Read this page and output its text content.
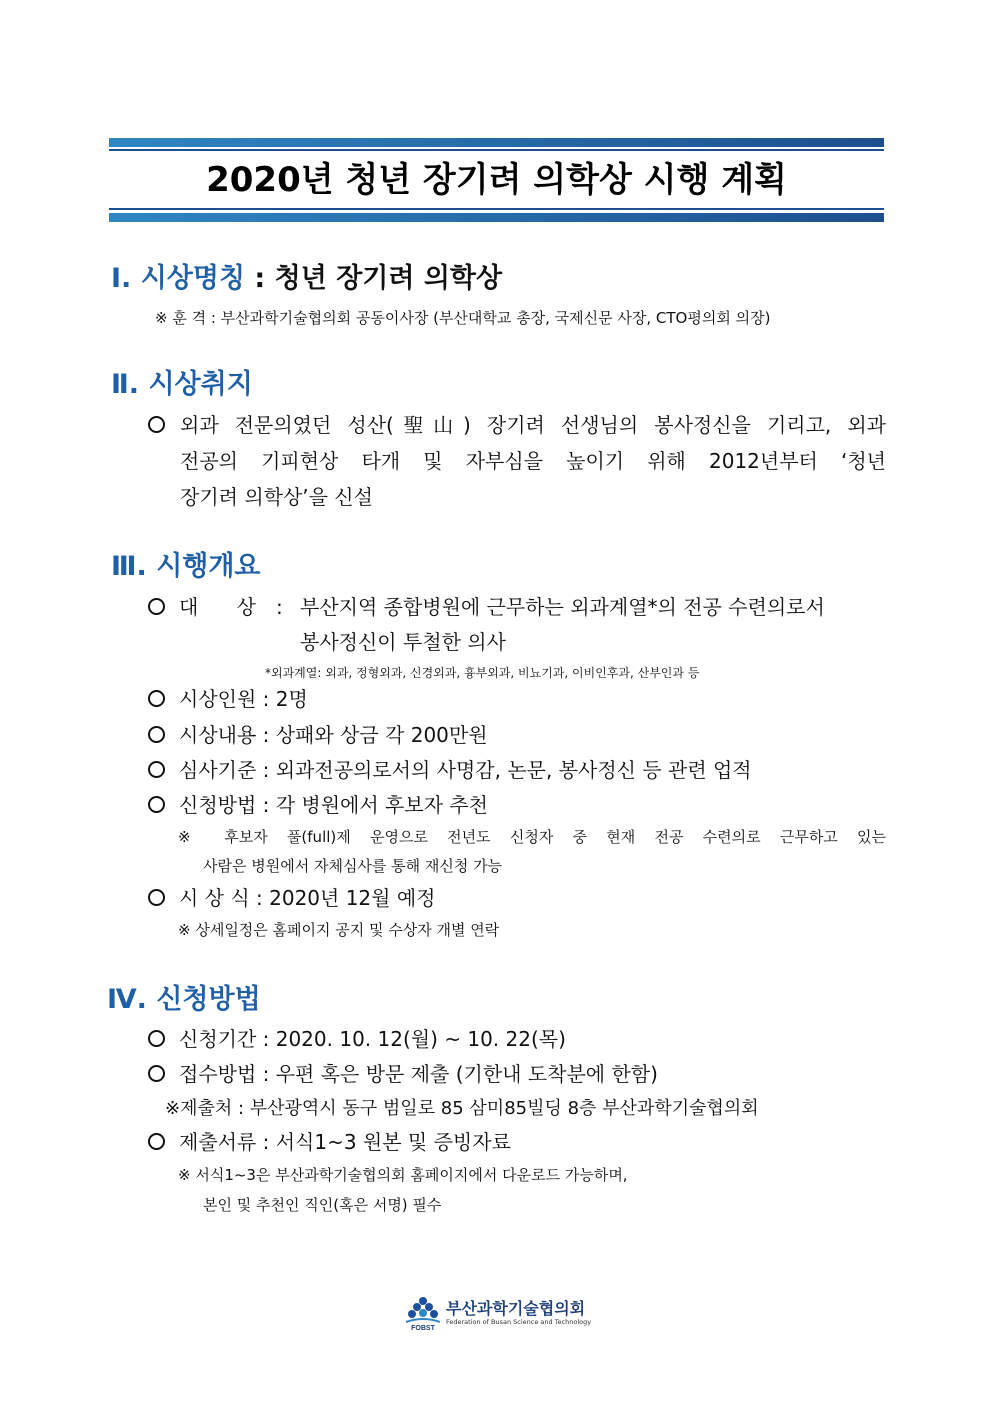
2020년 청년 장기려 의학상 시행 계획
Ⅰ. 시상명칭 : 청년 장기려 의학상
※ 훈 격 : 부산과학기술협의회 공동이사장 (부산대학교 총장, 국제신문 사장, CTO평의회 의장)
Ⅱ. 시상취지
외과 전문의였던 성산(聖山) 장기려 선생님의 봉사정신을 기리고, 외과
전공의 기피현상 타개 및 자부심을 높이기 위해 2012년부터 ‘청년
장기려 의학상’을 신설
Ⅲ. 시행개요
대      상 : 부산지역 종합병원에 근무하는 외과계열*의 전공 수련의로서
봉사정신이 투철한 의사
*외과계열: 외과, 정형외과, 신경외과, 흉부외과, 비뇨기과, 이비인후과, 산부인과 등
시상인원 : 2명
시상내용 : 상패와 상금 각 200만원
심사기준 : 외과전공의로서의 사명감, 논문, 봉사정신 등 관련 업적
신청방법 : 각 병원에서 후보자 추천
※ 후보자 풀(full)제 운영으로 전년도 신청자 중 현재 전공 수련의로 근무하고 있는
사람은 병원에서 자체심사를 통해 재신청 가능
시 상 식 : 2020년 12월 예정
※ 상세일정은 홈페이지 공지 및 수상자 개별 연락
Ⅳ. 신청방법
신청기간 : 2020. 10. 12(월) ~ 10. 22(목)
접수방법 : 우편 혹은 방문 제출 (기한내 도착분에 한함)
※제출처 : 부산광역시 동구 범일로 85 삼미85빌딩 8층 부산과학기술협의회
제출서류 : 서식1~3 원본 및 증빙자료
※ 서식1~3은 부산과학기술협의회 홈페이지에서 다운로드 가능하며,
본인 및 추천인 직인(혹은 서명) 필수
FOBST
부산과학기술협의회
Federation of Busan Science and Technology
